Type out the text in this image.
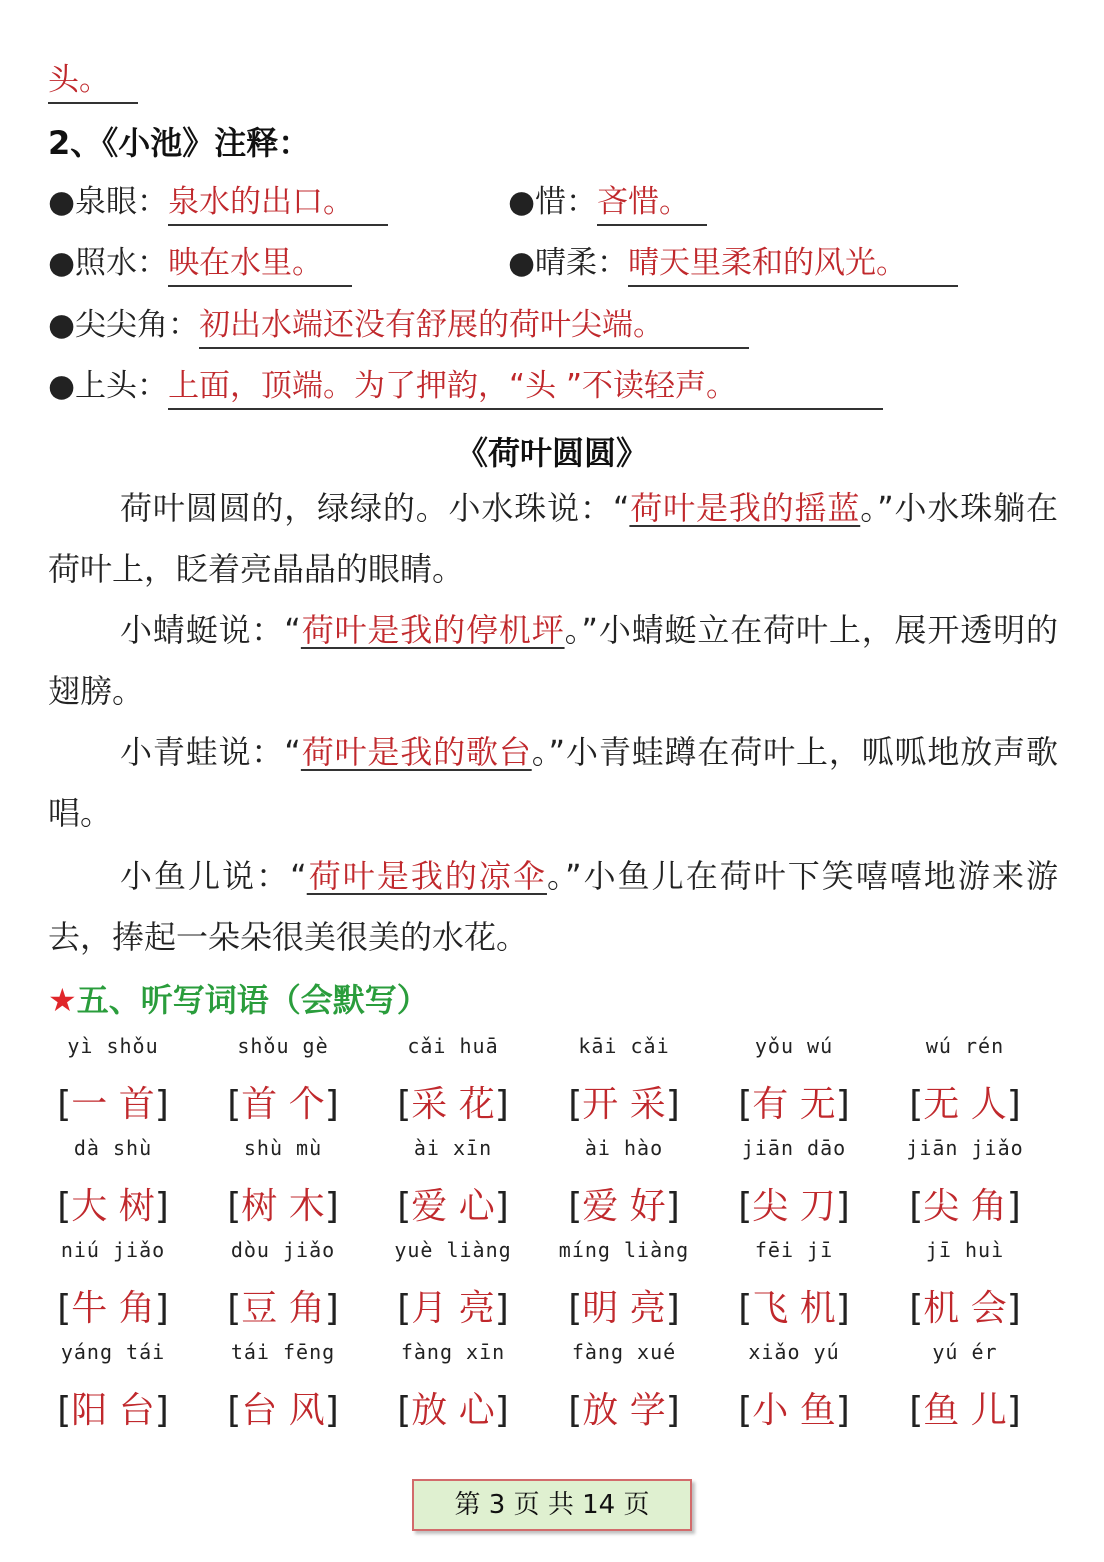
头。
2、《小池》注释：
●泉眼：泉水的出口。	●惜：吝惜。
●照水：映在水里。	●晴柔：晴天里柔和的风光。
●尖尖角：初出水端还没有舒展的荷叶尖端。
●上头：上面，顶端。为了押韵，“头 ”不读轻声。
《荷叶圆圆》
荷叶圆圆的，绿绿的。小水珠说：“荷叶是我的摇蓝。”小水珠躺在荷叶上，眨着亮晶晶的眼睛。
小蜻蜓说：“荷叶是我的停机坪。”小蜻蜓立在荷叶上，展开透明的翅膀。
小青蛙说：“荷叶是我的歌台。”小青蛙蹲在荷叶上，呱呱地放声歌唱。
小鱼儿说：“荷叶是我的凉伞。”小鱼儿在荷叶下笑嘻嘻地游来游去，捧起一朵朵很美很美的水花。
★五、听写词语（会默写）
yì shǒu
[一 首]
shǒu gè
[首 个]
cǎi huā
[采 花]
kāi cǎi
[开 采]
yǒu wú
[有 无]
wú rén
[无 人]
dà shù
[大 树]
shù mù
[树 木]
ài xīn
[爱 心]
ài hào
[爱 好]
jiān dāo
[尖 刀]
jiān jiǎo
[尖 角]
niú jiǎo
[牛 角]
dòu jiǎo
[豆 角]
yuè liàng
[月 亮]
míng liàng
[明 亮]
fēi jī
[飞 机]
jī huì
[机 会]
yáng tái
[阳 台]
tái fēng
[台 风]
fàng xīn
[放 心]
fàng xué
[放 学]
xiǎo yú
[小 鱼]
yú ér
[鱼 儿]
第 3 页 共 14 页
